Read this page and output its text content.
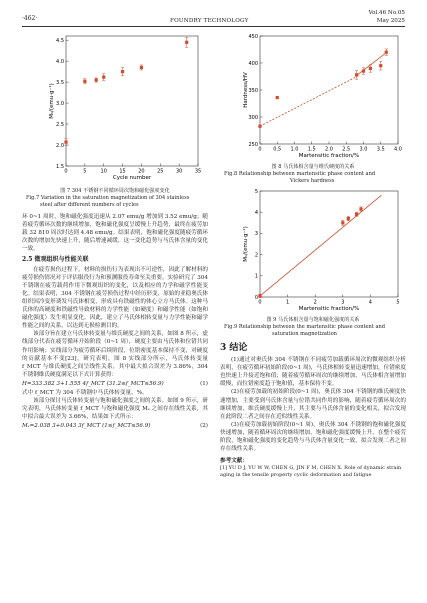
·462·	FOUNDRY TECHNOLOGY
Vol.46 No.05
May 2025
4.5
4.0
3.5
3.0
2.5
2.0
1.5
0	5	10 15 20 25 30 35
Cycle number
Mₛ/(emu·g⁻¹)
图 7 304 不锈钢不同循环周次饱和磁化强度变化
Fig.7 Variation in the saturation magnetization of 304 stainless
steel after different numbers of cycles

环 0~1 周时，饱和磁化强度迅速从 2.07 emu/g 增加到 3.52 emu/g；随着疲劳循环次数的继续增加，饱和磁化强度呈缓慢上升趋势，最终在疲劳加载 32 810 周次时达到 4.48 emu/g。结果表明，饱和磁化强度随疲劳循环次数的增加先快速上升，随后增速减缓，这一变化趋势与马氏体含量的变化一致。

2.5 微观组织与性能关联

在疲劳损伤过程下，材料的损伤行为表现出不可逆性，因此了解材料的疲劳损伤情况对于评估服役行为和预测服役寿命至关重要。实验研究了 304 不锈钢在疲劳载荷作用下微观组织的变化，以及相应的力学和磁学性能变化。结果表明，304 不锈钢在疲劳损伤过程中经历形变，原始的亚稳奥氏体组织因冷变形诱发马氏体相变，形成具有铁磁性的体心立方马氏体。这种马氏体的高硬度和铁磁性导致材料的力学性能（如硬度）和磁学性能（如饱和磁化强度）发生明显变化。因此，建立了马氏体相转变量与力学性能和磁学性能之间的关系，以达到无损检测目的。

该部分旨在建立马氏体转变量与维氏硬度之间的关系，如图 8 所示，虚线部分代表在疲劳循环开始阶段（0~1 周），硬度主要由马氏体和位错共同作用影响；实线部分为疲劳循环后续阶段，位错密度基本保持不变，对硬度的贡献基本不变[23]。研究表明，图 8 实线部分所示，马氏体转变量 f_MCT 与维氏硬度之间呈线性关系，其中最大拟合误差为 3.86%，304 不锈钢维氏硬度满足以下式计算获得：

H=333.382 3+1.555 4f_MCT (31.2≤f_MCT≤56.9)	(1)

式中 f_MCT 为 304 不锈钢中马氏体转变量，%。

该部分探讨马氏体转变量与饱和磁化强度之间的关系。如图 9 所示，研究表明，马氏体转变量 f_MCT 与饱和磁化强度 Mₛ 之间存在线性关系，其中拟合最大误差为 3.66%，结果如下式所示：

Mₛ=2.038 3+0.043 3f_MCT (1≤f_MCT≤56.9)	(2)
450
400
350
300
250
0 0.5 1.0 1.5 2.0 2.5 3.0 3.5 4.0
Martensitic fraction/%
Hardness/HV
图 8 马氏体相含量与维氏硬度的关系
Fig.8 Relationship between martensitic phase content and
Vickers hardness
5
4
3
2
1
0
0	1	2	3	4	5
Martensitic fraction/%
Mₛ/(emu·g⁻¹)
图 9 马氏体相含量与饱和磁化强度的关系
Fig.9 Relationship between the martensitic phase content and
saturation magnetization
3 结论

(1)通过对奥氏体 304 不锈钢在不同疲劳加载循环周次的微观组织分析表明，在疲劳循环初始阶段(0~1 周)，马氏体相转变量迅速增加，位错密度也快速上升接近饱和值；随着疲劳循环周次的继续增加，马氏体相含量增加缓慢，而位错密度趋于饱和值，基本保持不变。

(2)在疲劳加载的初始阶段(0~1 周)，奥氏体 304 不锈钢的维氏硬度快速增加，主要受到马氏体含量与位错共同作用的影响，随着疲劳循环周次的继续增加，维氏硬度缓慢上升，其主要与马氏体含量的变化相关，拟合发现在此阶段二者之间存在近似线性关系。

(3)在疲劳加载初始阶段(0~1 周)，奥氏体 304 不锈钢的饱和磁化强度快速增加，随着循环周次的继续增加，饱和磁化强度缓慢上升，在整个疲劳阶段，饱和磁化强度的变化趋势与马氏体含量变化一致，拟合发现二者之间存在线性关系。

参考文献：
[1] YU D J, YU W W, CHEN G, JIN F M, CHEN X. Role of dynamic strain aging in the tensile property cyclic deformation and fatigue
